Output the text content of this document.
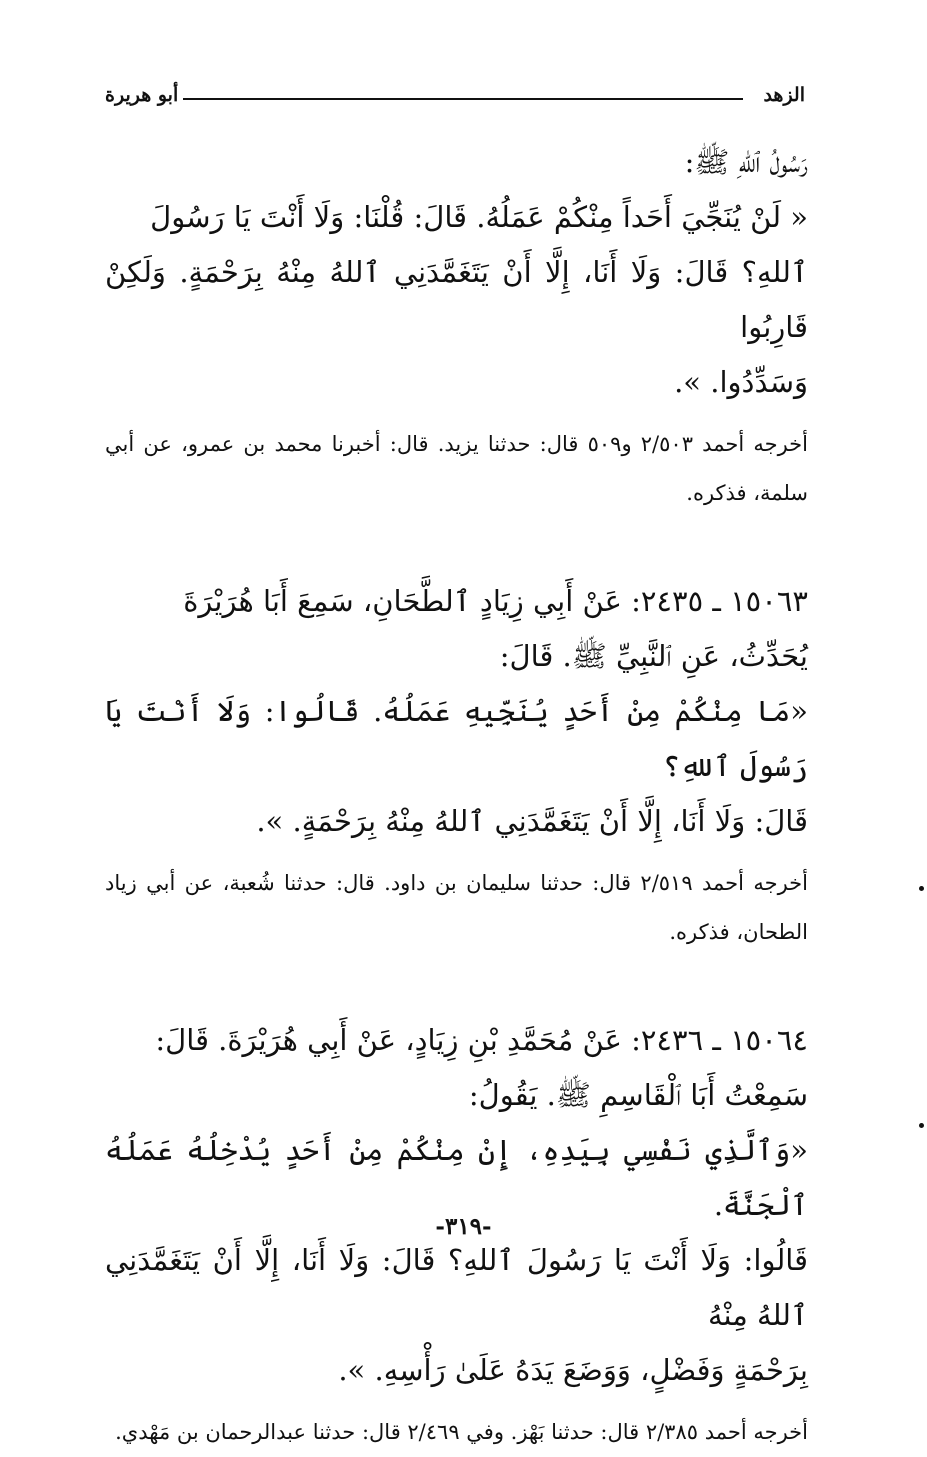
الزهد
أبو هريرة

رَسُولُ ٱللهِ ﷺ:
« لَنْ يُنَجِّيَ أَحَداً مِنْكُمْ عَمَلُهُ. قَالَ: قُلْنَا: وَلَا أَنْتَ يَا رَسُولَ
ٱللهِ؟ قَالَ: وَلَا أَنَا، إِلَّا أَنْ يَتَغَمَّدَنِي ٱللهُ مِنْهُ بِرَحْمَةٍ. وَلَكِنْ قَارِبُوا
وَسَدِّدُوا. ».

أخرجه أحمد ٢/٥٠٣ و٥٠٩ قال: حدثنا يزيد. قال: أخبرنا محمد بن عمرو، عن أبي سلمة، فذكره.

١٥٠٦٣ ـ ٢٤٣٥: عَنْ أَبِي زِيَادٍ ٱلطَّحَانِ، سَمِعَ أَبَا هُرَيْرَةَ
يُحَدِّثُ، عَنِ ٱلنَّبِيِّ ﷺ. قَالَ:
«مَا مِنْكُمْ مِنْ أَحَدٍ يُنَجِّيهِ عَمَلُهُ. قَالُوا: وَلَا أَنْتَ يَا رَسُولَ ٱللهِ؟
قَالَ: وَلَا أَنَا، إِلَّا أَنْ يَتَغَمَّدَنِي ٱللهُ مِنْهُ بِرَحْمَةٍ. ».

أخرجه أحمد ٢/٥١٩ قال: حدثنا سليمان بن داود. قال: حدثنا شُعبة، عن أبي زياد الطحان، فذكره.

١٥٠٦٤ ـ ٢٤٣٦: عَنْ مُحَمَّدِ بْنِ زِيَادٍ، عَنْ أَبِي هُرَيْرَةَ. قَالَ:
سَمِعْتُ أَبَا ٱلْقَاسِمِ ﷺ. يَقُولُ:
«وَٱلَّذِي نَفْسِي بِيَدِهِ، إِنْ مِنْكُمْ مِنْ أَحَدٍ يُدْخِلُهُ عَمَلُهُ ٱلْجَنَّةَ.
قَالُوا: وَلَا أَنْتَ يَا رَسُولَ ٱللهِ؟ قَالَ: وَلَا أَنَا، إِلَّا أَنْ يَتَغَمَّدَنِي ٱللهُ مِنْهُ
بِرَحْمَةٍ وَفَضْلٍ، وَوَضَعَ يَدَهُ عَلَىٰ رَأْسِهِ. ».

أخرجه أحمد ٢/٣٨٥ قال: حدثنا بَهْز. وفي ٢/٤٦٩ قال: حدثنا عبدالرحمان بن مَهْدي.

-٣١٩-
